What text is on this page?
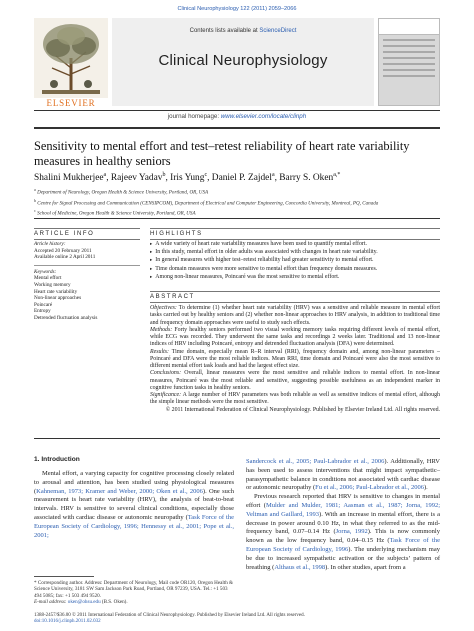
Clinical Neurophysiology 122 (2011) 2059–2066
ELSEVIER
Contents lists available at ScienceDirect
Clinical Neurophysiology
journal homepage: www.elsevier.com/locate/clinph
Sensitivity to mental effort and test–retest reliability of heart rate variability measures in healthy seniors
Shalini Mukherjee$^a$, Rajeev Yadav$^b$, Iris Yung$^c$, Daniel P. Zajdel$^a$, Barry S. Oken$^{a,*}$
$^a$ Department of Neurology, Oregon Health & Science University, Portland, OR, USA
$^b$ Centre for Signal Processing and Communication (CENSIPCOM), Department of Electrical and Computer Engineering, Concordia University, Montreal, PQ, Canada
$^c$ School of Medicine, Oregon Health & Science University, Portland, OR, USA
ARTICLE INFO
Article history:
Accepted 20 February 2011
Available online 2 April 2011
Keywords:
Mental effort
Working memory
Heart rate variability
Non-linear approaches
Poincaré
Entropy
Detrended fluctuation analysis
HIGHLIGHTS
▸ A wide variety of heart rate variability measures have been used to quantify mental effort.
▸ In this study, mental effort in older adults was associated with changes in heart rate variability.
▸ In general measures with higher test–retest reliability had greater sensitivity to mental effort.
▸ Time domain measures were more sensitive to mental effort than frequency domain measures.
▸ Among non-linear measures, Poincaré was the most sensitive to mental effort.
ABSTRACT
Objectives: To determine (1) whether heart rate variability (HRV) was a sensitive and reliable measure in mental effort tasks carried out by healthy seniors and (2) whether non-linear approaches to HRV analysis, in addition to traditional time and frequency domain approaches were useful to study such effects.
Methods: Forty healthy seniors performed two visual working memory tasks requiring different levels of mental effort, while ECG was recorded. They underwent the same tasks and recordings 2 weeks later. Traditional and 13 non-linear indices of HRV including Poincaré, entropy and detrended fluctuation analysis (DFA) were determined.
Results: Time domain, especially mean R–R interval (RRI), frequency domain and, among non-linear parameters – Poincaré and DFA were the most reliable indices. Mean RRI, time domain and Poincaré were also the most sensitive to different mental effort task loads and had the largest effect size.
Conclusions: Overall, linear measures were the most sensitive and reliable indices to mental effort. In non-linear measures, Poincaré was the most reliable and sensitive, suggesting possible usefulness as an independent marker in cognitive function tasks in healthy seniors.
Significance: A large number of HRV parameters was both reliable as well as sensitive indices of mental effort, although the simple linear methods were the most sensitive.
© 2011 International Federation of Clinical Neurophysiology. Published by Elsevier Ireland Ltd. All rights reserved.
1. Introduction
Mental effort, a varying capacity for cognitive processing closely related to arousal and attention, has been studied using physiological measures (Kahneman, 1973; Kramer and Weber, 2000; Oken et al., 2006). One such measurement is heart rate variability (HRV), the analysis of beat-to-beat intervals. HRV is sensitive to several clinical conditions, especially those associated with cardiac disease or autonomic neuropathy (Task Force of the European Society of Cardiology, 1996; Hennessy et al., 2001; Pope et al., 2001;

Sandercock et al., 2005; Paul-Labrador et al., 2006). Additionally, HRV has been used to assess interventions that might impact sympathetic–parasympathetic balance in conditions not associated with cardiac disease or autonomic neuropathy (Fu et al., 2006; Paul-Labrador et al., 2006).

Previous research reported that HRV is sensitive to changes in mental effort (Mulder and Mulder, 1981; Aasman et al., 1987; Jorna, 1992; Veltman and Gaillard, 1993). With an increase in mental effort, there is a decrease in power around 0.10 Hz, in what they referred to as the mid-frequency band, 0.07–0.14 Hz (Jorna, 1992). This is now commonly known as the low frequency band, 0.04–0.15 Hz (Task Force of the European Society of Cardiology, 1996). The underlying mechanism may be due to increased sympathetic activation or the subjects’ pattern of breathing (Althaus et al., 1998). In other studies, apart from a

* Corresponding author. Address: Department of Neurology, Mail code OR120, Oregon Health & Science University, 3181 SW Sam Jackson Park Road, Portland, OR 97239, USA. Tel.: +1 503 494 5085; fax: +1 503 494 9520.
E-mail address: oken@ohsu.edu (B.S. Oken).
1388-2457/$36.00 © 2011 International Federation of Clinical Neurophysiology. Published by Elsevier Ireland Ltd. All rights reserved.
doi:10.1016/j.clinph.2011.02.032
